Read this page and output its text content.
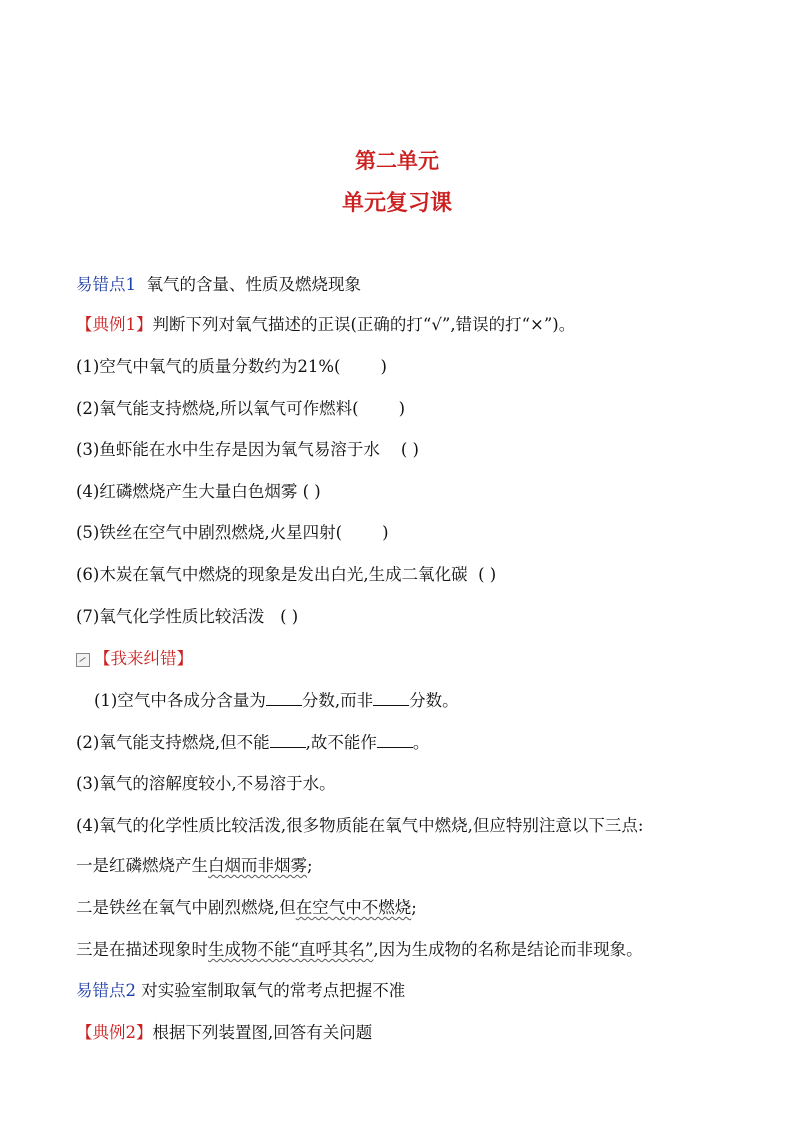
第二单元
单元复习课
易错点1 氧气的含量、性质及燃烧现象
【典例1】判断下列对氧气描述的正误(正确的打“√”,错误的打“×”)。
(1)空气中氧气的质量分数约为21%( )
(2)氧气能支持燃烧,所以氧气可作燃料( )
(3)鱼虾能在水中生存是因为氧气易溶于水 ( )
(4)红磷燃烧产生大量白色烟雾 ( )
(5)铁丝在空气中剧烈燃烧,火星四射( )
(6)木炭在氧气中燃烧的现象是发出白光,生成二氧化碳 ( )
(7)氧气化学性质比较活泼 ( )
【我来纠错】
(1)空气中各成分含量为 分数,而非 分数。
(2)氧气能支持燃烧,但不能 ,故不能作 。
(3)氧气的溶解度较小,不易溶于水。
(4)氧气的化学性质比较活泼,很多物质能在氧气中燃烧,但应特别注意以下三点:
一是红磷燃烧产生白烟而非烟雾;
二是铁丝在氧气中剧烈燃烧,但在空气中不燃烧;
三是在描述现象时生成物不能“直呼其名”,因为生成物的名称是结论而非现象。
易错点2 对实验室制取氧气的常考点把握不准
【典例2】根据下列装置图,回答有关问题
